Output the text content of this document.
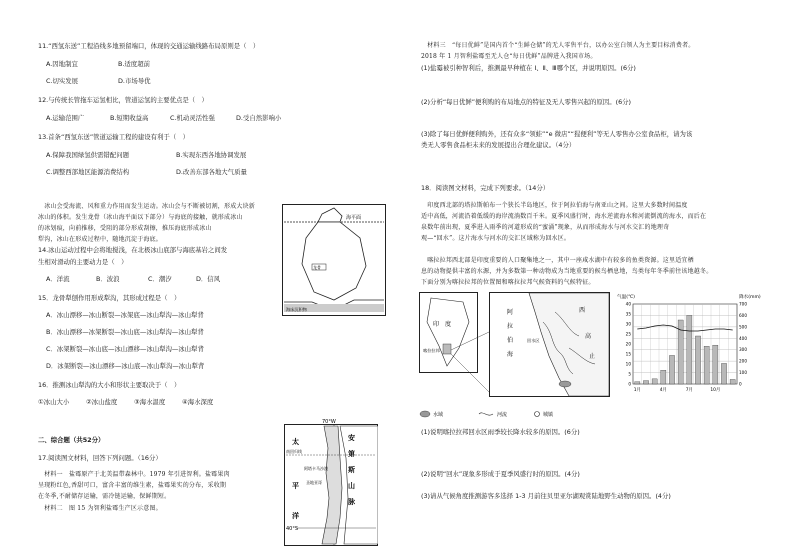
11.“西氢东送”工程沿线多地预留端口，体现的交通运输线路布局原则是（　）
A.因地制宜	B.适度超前
C.切实发展	D.市场导优
12.与传统长管拖车运氢相比，管道运氢的主要优点是（　）
A.运输范围广	B.短期收益高	C.机动灵活性强	D.受自然影响小
13.首条“西氢东送”管道运输工程的建设有利于（　）
A.保障我国绿氢供需错配问题	B.实现东西各地协调发展
C.调整西部地区能源消费结构	D.改善东部各地大气质量
　冰山会受海流、风和重力作用而发生运动。冰山会与不断被切割，形成大块新
冰山的体积。发生龙骨（冰山海平面以下部分）与海底的接触，就形成冰山
的冰划痕，向前推移，受阻的部分形成刮擦，推压海底形成冰山
犁沟，冰山在形成过程中，随地沉淀于海底。
海平面
龙骨
海床沉积物
14.冰山运动过程中会将地搅浅，在北极冰山底部与海底基岩之间发
生相对滑动的主要动力是（　）
A．洋流	B．波浪	C．潮汐	D．信风
15．龙骨犁刨作用形成犁沟，其形成过程是（　）
A．冰山漂移—冰山断裂—冰架底—冰山犁沟—冰山犁背
B．冰山漂移—冰架断裂—冰山底—冰山犁沟—冰山犁背
C．冰架断裂—冰山底—冰山漂移—冰山犁沟—冰山犁背
D．冰架断裂—冰山漂移—冰山底—冰山犁沟—冰山犁背
16．推测冰山犁沟的大小和形状主要取决于（　）
①冰山大小	②冰山盐度	③海水温度	④海水深度
二、综合题（共52分）
17.阅读图文材料，回答下列问题。（16分）
　材料一　盐霉原产于北美温带森林中。1979 年引进智利。盐霉果肉
呈现粉红色,香甜可口，富含丰富的维生素，盐霉果实的分布，采收期
在冬季,不耐储存运输，需冷链运输，保鲜期短。
　材料二　图 15 为智利盐霉生产区示意图。
70°W
太
平
洋
安
第
斯
山
脉
南回归线
阿塔卡马沙漠
圣地亚哥
40°S
　材料三　“每日优鲜”是国内首个“生鲜仓储”的无人零售平台，以办公室白领人为主要目标消费者。
2018 年 1 月智利盐霉至无人仓“每日优鲜”品牌进入我国市场。
(1)盐霉被引种智利后，推测最早种植在 Ⅰ、Ⅱ、Ⅲ哪个区，并说明原因。(6分)
(2)分析“每日优鲜”便利购的布局地点的特征及无人零售兴起的原因。(6分)
(3)除了每日优鲜便利购外，还有众多“领蛙”“e 微店”“猩便利”等无人零售办公室食品柜，请为该
类无人零售食品柜未来的发展提出合理化建议。（4分）
18．阅读图文材料，完成下列要求。（14分）
　印度西北部的塔拉斯帕布一个狭长半岛地区，位于阿拉伯海与南亚山之间。这里大多数时间温度
适中高低，河流沿着低缓的海岸流淌数百千米。夏季风盛行时，海水逆流海水和河流倒流的海水，而后在
泉数年前出现，夏季进入雨季的河道形成的“蜜涌”现象，从而形成海水与河水交汇的地理奇
观—“回水”。这片海水与河水的交汇区域称为回水区。
　喀拉拉邦西北部是印度重要的人口聚集地之一，其中一座咸水湖中有较多的鱼类资源。这里适宜栖
息的动物提供丰富的水源，并为多数第一种动物成为当地重要的候鸟栖息地，鸟类每年冬季前往该地越冬。
下面分别为喀拉拉邦的位置图和喀拉拉邦气候资料的气候特征。
印 度
喀拉拉邦
阿
拉
伯
海
西
高
止
回水区
水域	河流	城镇
气温(℃)	降水(mm)
40
35
30
25
20
15
10
5
0
700
600
500
400
300
200
100
0
1月	4月	7月	10月
(1)说明喀拉拉邦回水区雨季较长降水较多的原因。(6分)
(2)说明“回水”现象多形成于夏季风盛行时的原因。(4分)
(3)请从气候角度推测游客多选择 1-3 月前往贝里亚尔湖观赏陆地野生动物的原因。(4分)
